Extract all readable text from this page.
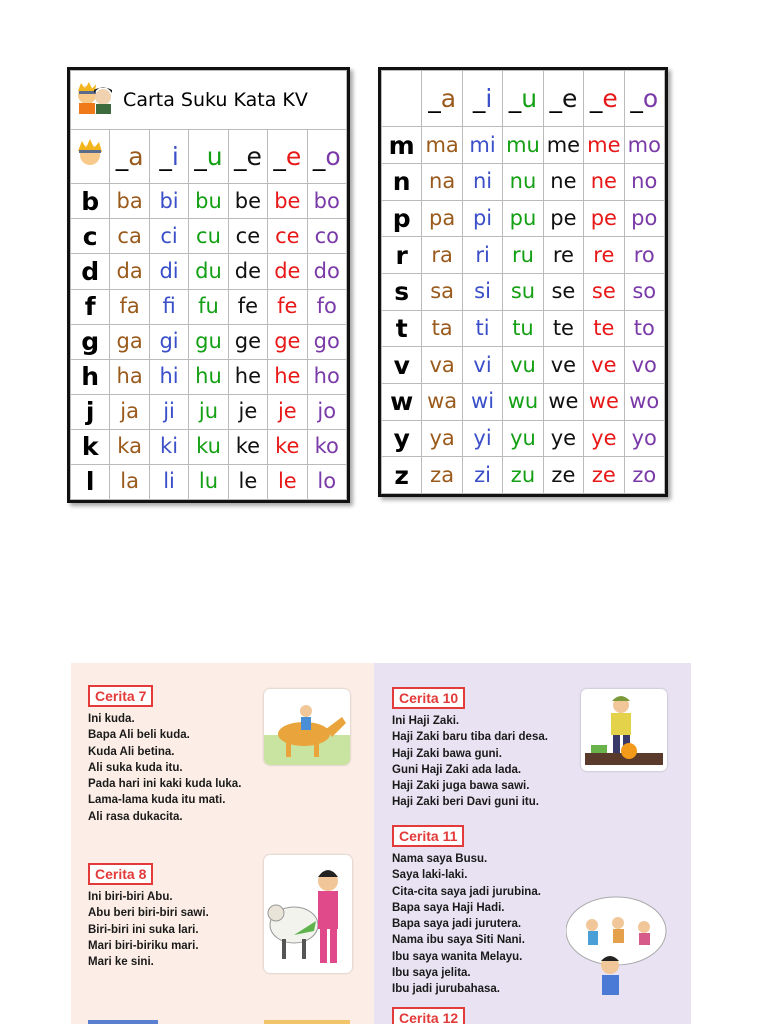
Carta Suku Kata KV						
	_a	_i	_u	_e	_e	_o
b	ba	bi	bu	be	be	bo
c	ca	ci	cu	ce	ce	co
d	da	di	du	de	de	do
f	fa	fi	fu	fe	fe	fo
g	ga	gi	gu	ge	ge	go
h	ha	hi	hu	he	he	ho
j	ja	ji	ju	je	je	jo
k	ka	ki	ku	ke	ke	ko
l	la	li	lu	le	le	lo
	_a	_i	_u	_e	_e	_o
m	ma	mi	mu	me	me	mo
n	na	ni	nu	ne	ne	no
p	pa	pi	pu	pe	pe	po
r	ra	ri	ru	re	re	ro
s	sa	si	su	se	se	so
t	ta	ti	tu	te	te	to
v	va	vi	vu	ve	ve	vo
w	wa	wi	wu	we	we	wo
y	ya	yi	yu	ye	ye	yo
z	za	zi	zu	ze	ze	zo
Cerita 7
Ini kuda.
Bapa Ali beli kuda.
Kuda Ali betina.
Ali suka kuda itu.
Pada hari ini kaki kuda luka.
Lama-lama kuda itu mati.
Ali rasa dukacita.
Cerita 8
Ini biri-biri Abu.
Abu beri biri-biri sawi.
Biri-biri ini suka lari.
Mari biri-biriku mari.
Mari ke sini.
Cerita 10
Ini Haji Zaki.
Haji Zaki baru tiba dari desa.
Haji Zaki bawa guni.
Guni Haji Zaki ada lada.
Haji Zaki juga bawa sawi.
Haji Zaki beri Davi guni itu.
Cerita 11
Nama saya Busu.
Saya laki-laki.
Cita-cita saya jadi jurubina.
Bapa saya Haji Hadi.
Bapa saya jadi jurutera.
Nama ibu saya Siti Nani.
Ibu saya wanita Melayu.
Ibu saya jelita.
Ibu jadi jurubahasa.
Cerita 12
